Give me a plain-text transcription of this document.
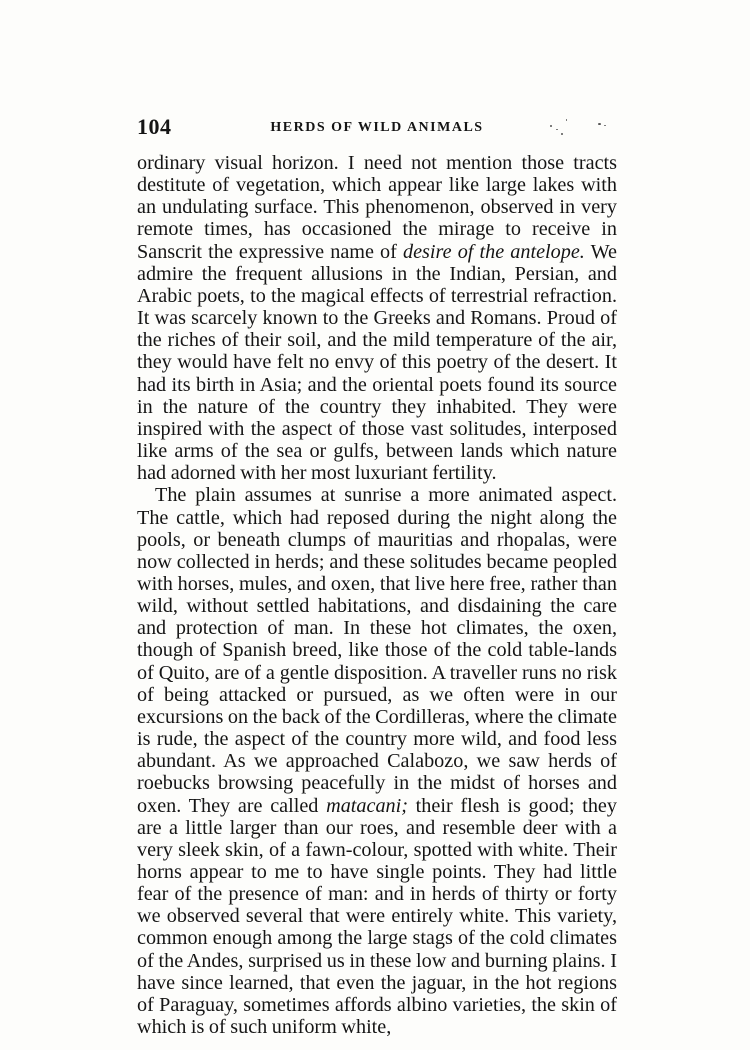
104	HERDS OF WILD ANIMALS

ordinary visual horizon. I need not mention those tracts destitute of vegetation, which appear like large lakes with an undulating surface. This phenomenon, observed in very remote times, has occasioned the mirage to receive in Sanscrit the expressive name of desire of the antelope. We admire the frequent allusions in the Indian, Persian, and Arabic poets, to the magical effects of terrestrial refraction. It was scarcely known to the Greeks and Romans. Proud of the riches of their soil, and the mild temperature of the air, they would have felt no envy of this poetry of the desert. It had its birth in Asia; and the oriental poets found its source in the nature of the country they inhabited. They were inspired with the aspect of those vast solitudes, interposed like arms of the sea or gulfs, between lands which nature had adorned with her most luxuriant fertility.

The plain assumes at sunrise a more animated aspect. The cattle, which had reposed during the night along the pools, or beneath clumps of mauritias and rhopalas, were now collected in herds; and these solitudes became peopled with horses, mules, and oxen, that live here free, rather than wild, without settled habitations, and disdaining the care and protection of man. In these hot climates, the oxen, though of Spanish breed, like those of the cold table-lands of Quito, are of a gentle disposition. A traveller runs no risk of being attacked or pursued, as we often were in our excursions on the back of the Cordilleras, where the climate is rude, the aspect of the country more wild, and food less abundant. As we approached Calabozo, we saw herds of roebucks browsing peacefully in the midst of horses and oxen. They are called matacani; their flesh is good; they are a little larger than our roes, and resemble deer with a very sleek skin, of a fawn-colour, spotted with white. Their horns appear to me to have single points. They had little fear of the presence of man: and in herds of thirty or forty we observed several that were entirely white. This variety, common enough among the large stags of the cold climates of the Andes, surprised us in these low and burning plains. I have since learned, that even the jaguar, in the hot regions of Paraguay, sometimes affords albino varieties, the skin of which is of such uniform white,
